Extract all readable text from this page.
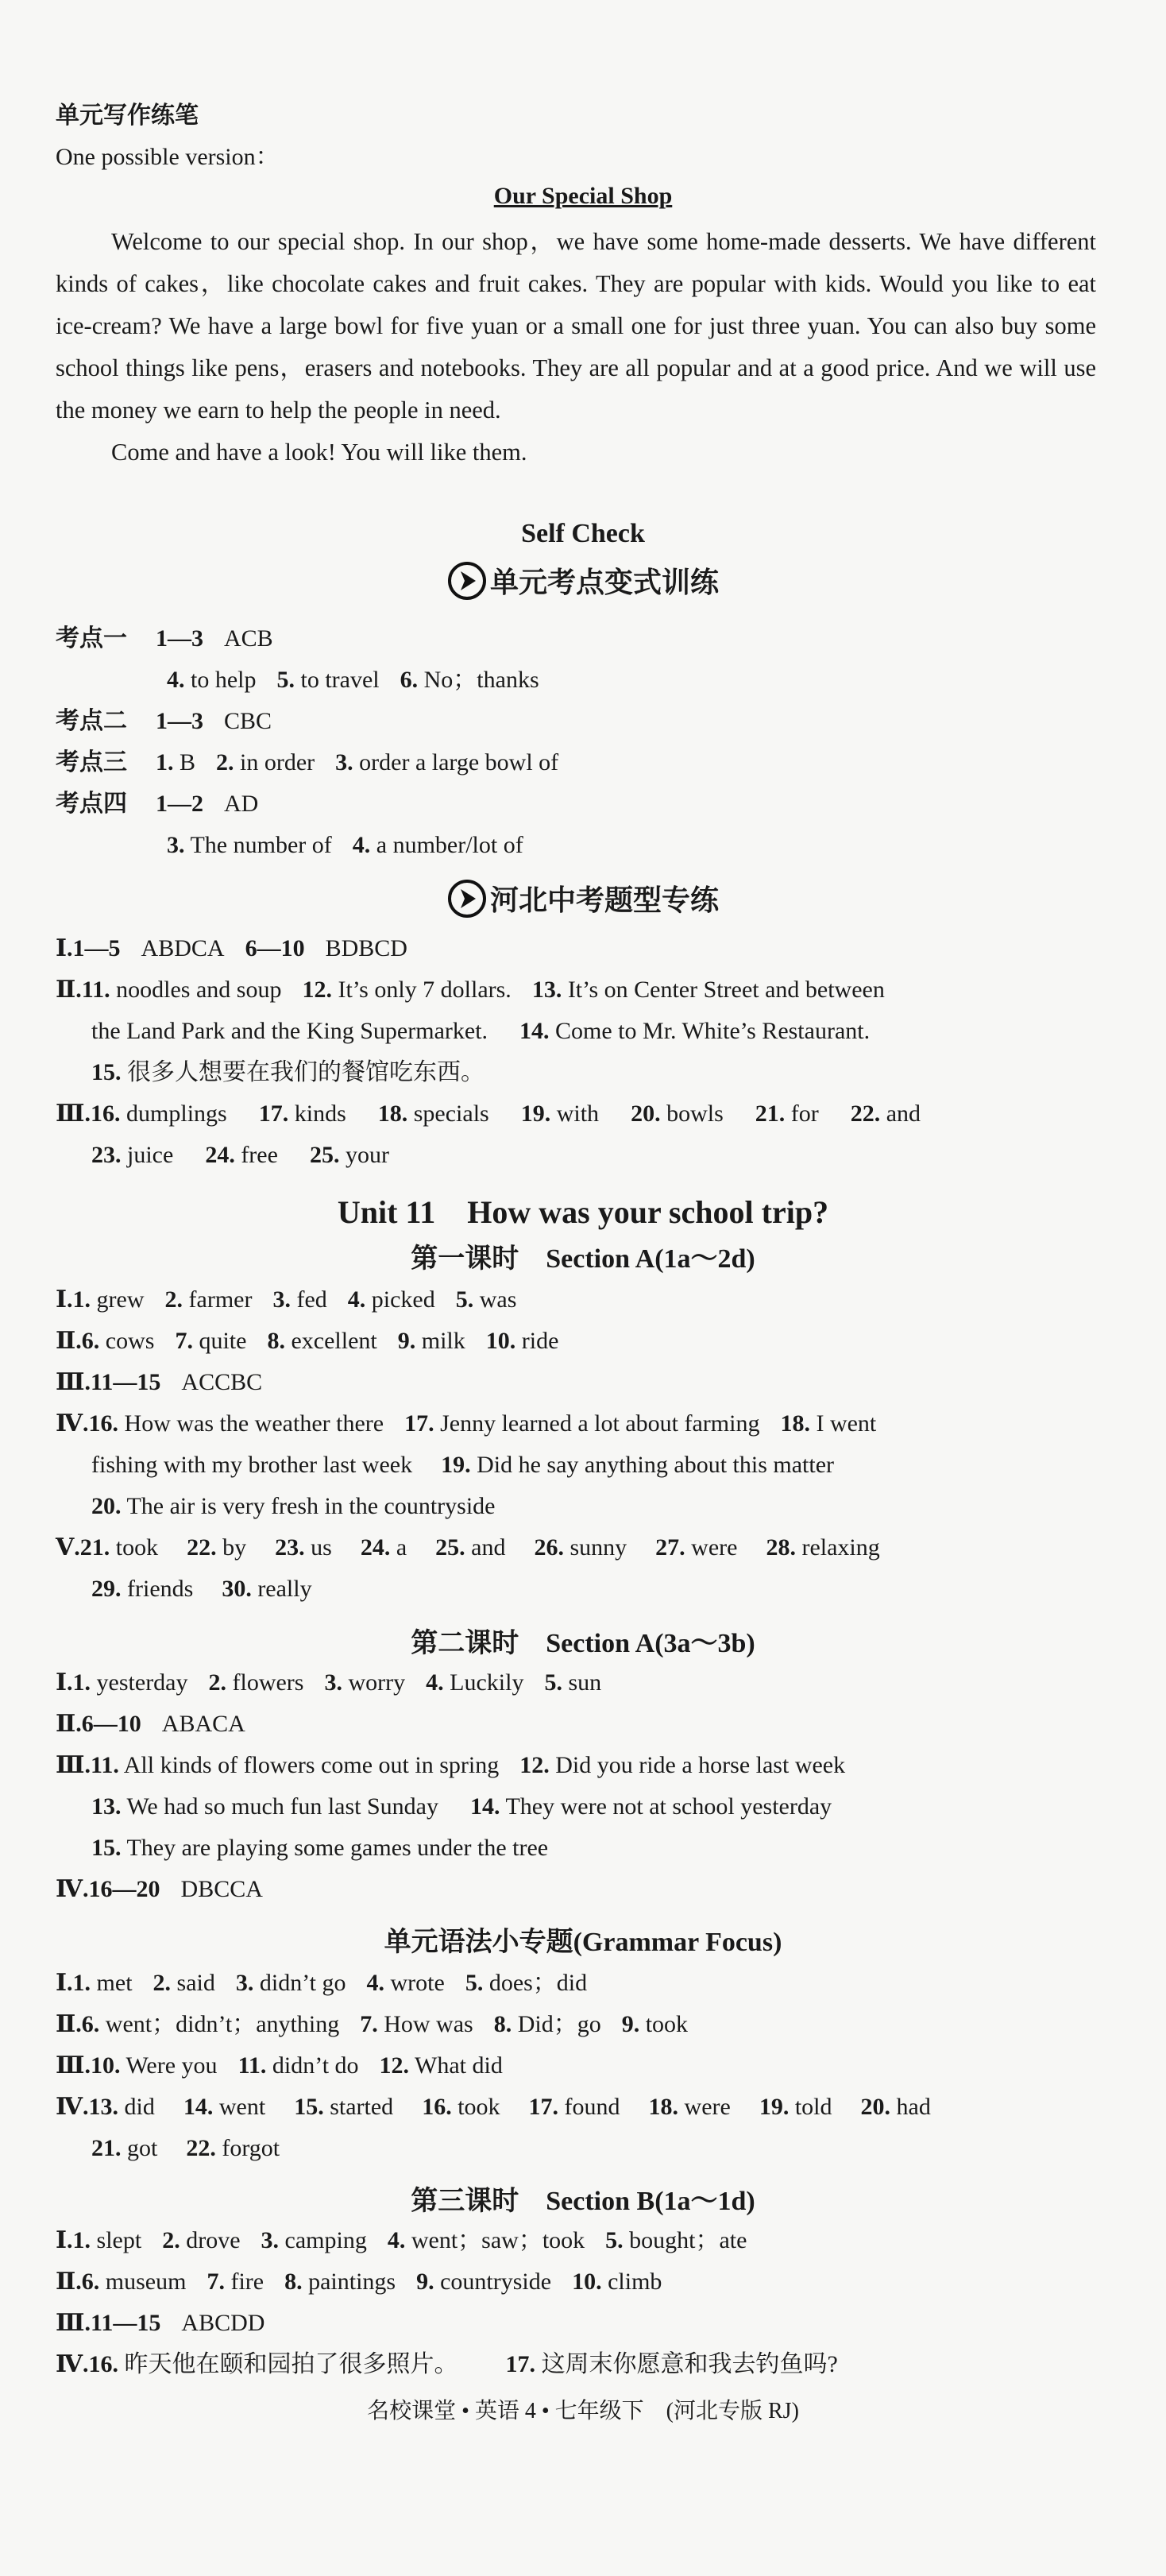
单元写作练笔
One possible version：
Our Special Shop

Welcome to our special shop. In our shop，we have some home-made desserts. We have different kinds of cakes，like chocolate cakes and fruit cakes. They are popular with kids. Would you like to eat ice-cream? We have a large bowl for five yuan or a small one for just three yuan. You can also buy some school things like pens，erasers and notebooks. They are all popular and at a good price. And we will use the money we earn to help the people in need.

Come and have a look! You will like them.

Self Check
单元考点变式训练
考点一 1—3 ACB
4. to help 5. to travel 6. No；thanks
考点二 1—3 CBC
考点三 1. B 2. in order 3. order a large bowl of
考点四 1—2 AD
3. The number of 4. a number/lot of
河北中考题型专练
Ⅰ.1—5 ABDCA 6—10 BDBCD
Ⅱ.11. noodles and soup 12. It’s only 7 dollars. 13. It’s on Center Street and between
the Land Park and the King Supermarket. 14. Come to Mr. White’s Restaurant.
15. 很多人想要在我们的餐馆吃东西。
Ⅲ.16. dumplings 17. kinds 18. specials 19. with 20. bowls 21. for 22. and
23. juice 24. free 25. your
Unit 11　How was your school trip?
第一课时　Section A(1a～2d)
Ⅰ.1. grew 2. farmer 3. fed 4. picked 5. was
Ⅱ.6. cows 7. quite 8. excellent 9. milk 10. ride
Ⅲ.11—15 ACCBC
Ⅳ.16. How was the weather there 17. Jenny learned a lot about farming 18. I went
fishing with my brother last week 19. Did he say anything about this matter
20. The air is very fresh in the countryside
Ⅴ.21. took 22. by 23. us 24. a 25. and 26. sunny 27. were 28. relaxing
29. friends 30. really
第二课时　Section A(3a～3b)
Ⅰ.1. yesterday 2. flowers 3. worry 4. Luckily 5. sun
Ⅱ.6—10 ABACA
Ⅲ.11. All kinds of flowers come out in spring 12. Did you ride a horse last week
13. We had so much fun last Sunday 14. They were not at school yesterday
15. They are playing some games under the tree
Ⅳ.16—20 DBCCA
单元语法小专题(Grammar Focus)
Ⅰ.1. met 2. said 3. didn’t go 4. wrote 5. does；did
Ⅱ.6. went；didn’t；anything 7. How was 8. Did；go 9. took
Ⅲ.10. Were you 11. didn’t do 12. What did
Ⅳ.13. did 14. went 15. started 16. took 17. found 18. were 19. told 20. had
21. got 22. forgot
第三课时　Section B(1a～1d)
Ⅰ.1. slept 2. drove 3. camping 4. went；saw；took 5. bought；ate
Ⅱ.6. museum 7. fire 8. paintings 9. countryside 10. climb
Ⅲ.11—15 ABCDD
Ⅳ.16. 昨天他在颐和园拍了很多照片。 17. 这周末你愿意和我去钓鱼吗?
名校课堂 • 英语 4 • 七年级下　(河北专版 RJ)
